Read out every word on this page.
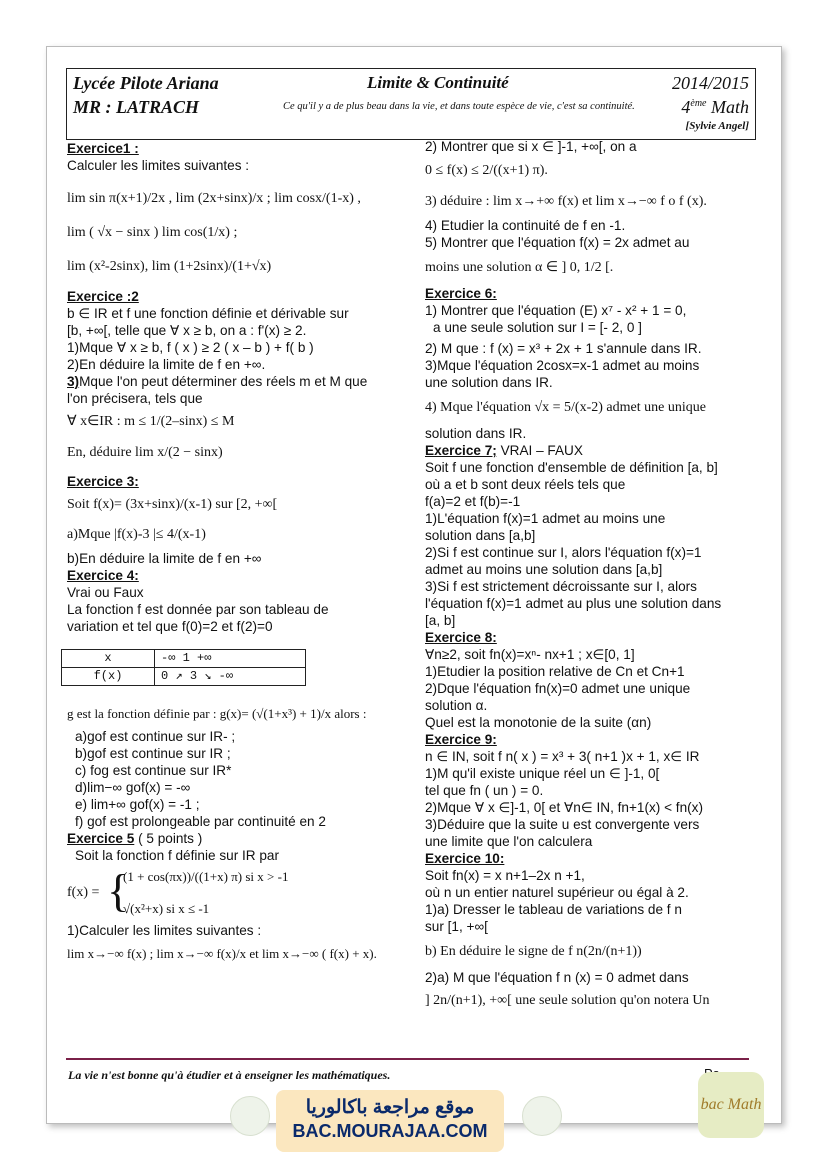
Lycée Pilote Ariana
MR : LATRACH
Limite & Continuité	2014/2015
Ce qu'il y a de plus beau dans la vie, et dans toute espèce de vie, c'est sa continuité.	4ème Math
[Sylvie Angel]
Exercice1 :
Calculer les limites suivantes :
lim sin π(x+1)/2x , lim (2x+sinx)/x ; lim cosx/(1-x) ,
lim ( √x − sinx ) lim cos(1/x) ;
lim (x²-2sinx), lim (1+2sinx)/(1+√x)
Exercice :2
b ∈ IR et f une fonction définie et dérivable sur
[b, +∞[, telle que ∀ x ≥ b, on a : f'(x) ≥ 2.
1)Mque ∀ x ≥ b, f ( x ) ≥ 2 ( x – b ) + f( b )
2)En déduire la limite de f en +∞.
3)Mque l'on peut déterminer des réels m et M que
l'on précisera, tels que
∀ x∈IR : m ≤ 1/(2–sinx) ≤ M
En, déduire lim x/(2 − sinx)
Exercice 3:
Soit f(x)= (3x+sinx)/(x-1) sur [2, +∞[
a)Mque |f(x)-3 |≤ 4/(x-1)
b)En déduire la limite de f en +∞
Exercice 4:
Vrai ou Faux
La fonction f est donnée par son tableau de
variation et tel que f(0)=2 et f(2)=0
x	-∞ 1 +∞
f(x)	0 ↗ 3 ↘ -∞
g est la fonction définie par : g(x)= (√(1+x³) + 1)/x alors :
a)gof est continue sur IR- ;
b)gof est continue sur IR ;
c) fog est continue sur IR*
d)lim−∞ gof(x) = -∞
e) lim+∞ gof(x) = -1 ;
f) gof est prolongeable par continuité en 2
Exercice 5 ( 5 points )
Soit la fonction f définie sur IR par
f(x) = {
(1 + cos(πx))/((1+x) π) si x > -1
√(x²+x) si x ≤ -1
1)Calculer les limites suivantes :
lim x→−∞ f(x) ; lim x→−∞ f(x)/x et lim x→−∞ ( f(x) + x).
2) Montrer que si x ∈ ]-1, +∞[, on a
0 ≤ f(x) ≤ 2/((x+1) π).
3) déduire : lim x→+∞ f(x) et lim x→−∞ f o f (x).
4) Etudier la continuité de f en -1.
5) Montrer que l'équation f(x) = 2x admet au
moins une solution α ∈ ] 0, 1/2 [.
Exercice 6:
1) Montrer que l'équation (E) x⁷ - x² + 1 = 0,
a une seule solution sur I = [- 2, 0 ]
2) M que : f (x) = x³ + 2x + 1 s'annule dans IR.
3)Mque l'équation 2cosx=x-1 admet au moins
une solution dans IR.
4) Mque l'équation √x = 5/(x-2) admet une unique
solution dans IR.
Exercice 7; VRAI – FAUX
Soit f une fonction d'ensemble de définition [a, b]
où a et b sont deux réels tels que
f(a)=2 et f(b)=-1
1)L'équation f(x)=1 admet au moins une
solution dans [a,b]
2)Si f est continue sur I, alors l'équation f(x)=1
admet au moins une solution dans [a,b]
3)Si f est strictement décroissante sur I, alors
l'équation f(x)=1 admet au plus une solution dans
[a, b]
Exercice 8:
∀n≥2, soit fn(x)=xⁿ- nx+1 ; x∈[0, 1]
1)Etudier la position relative de Cn et Cn+1
2)Dque l'équation fn(x)=0 admet une unique
solution α.
Quel est la monotonie de la suite (αn)
Exercice 9:
n ∈ IN, soit f n( x ) = x³ + 3( n+1 )x + 1, x∈ IR
1)M qu'il existe unique réel un ∈ ]-1, 0[
tel que fn ( un ) = 0.
2)Mque ∀ x ∈]-1, 0[ et ∀n∈ IN, fn+1(x) < fn(x)
3)Déduire que la suite u est convergente vers
une limite que l'on calculera
Exercice 10:
Soit fn(x) = x n+1–2x n +1,
où n un entier naturel supérieur ou égal à 2.
1)a) Dresser le tableau de variations de f n
sur [1, +∞[
b) En déduire le signe de f n(2n/(n+1))
2)a) M que l'équation f n (x) = 0 admet dans
] 2n/(n+1), +∞[ une seule solution qu'on notera Un
La vie n'est bonne qu'à étudier et à enseigner les mathématiques.
موقع مراجعة باكالوريا
BAC.MOURAJAA.COM
bac Math
